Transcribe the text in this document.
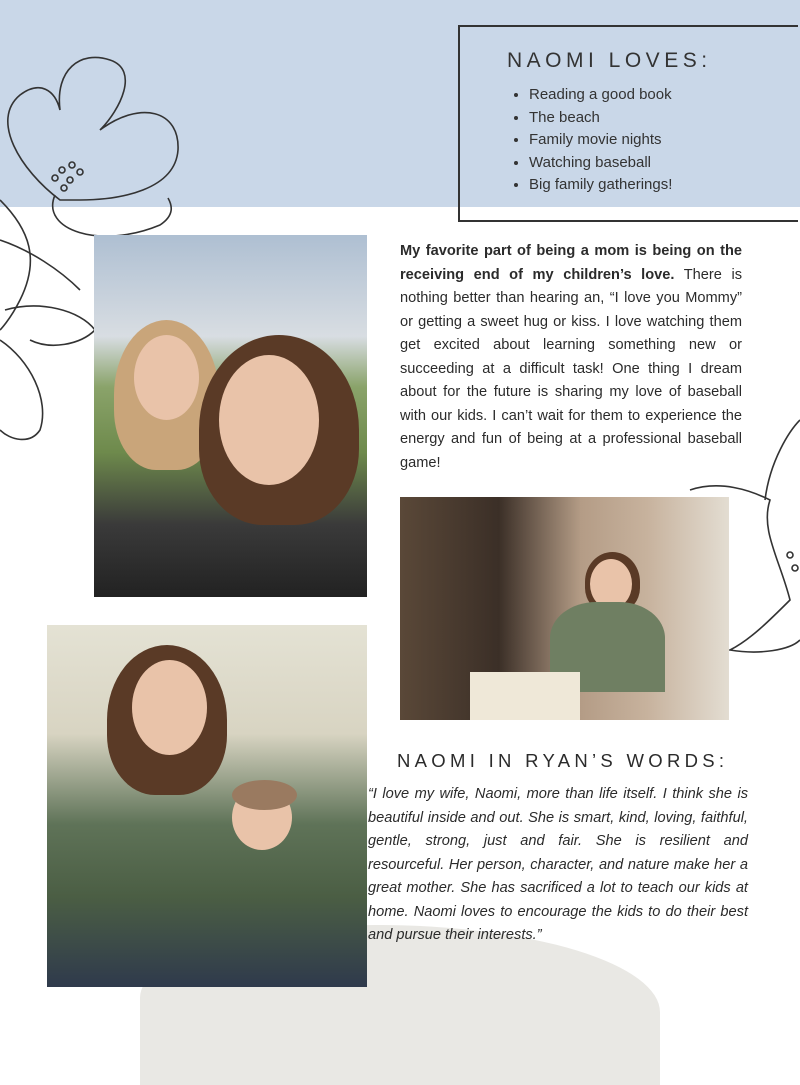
NAOMI LOVES:
• Reading a good book
• The beach
• Family movie nights
• Watching baseball
• Big family gatherings!

My favorite part of being a mom is being on the receiving end of my children’s love. There is nothing better than hearing an, “I love you Mommy” or getting a sweet hug or kiss. I love watching them get excited about learning something new or succeeding at a difficult task! One thing I dream about for the future is sharing my love of baseball with our kids. I can’t wait for them to experience the energy and fun of being at a professional baseball game!

NAOMI IN RYAN’S WORDS:

“I love my wife, Naomi, more than life itself. I think she is beautiful inside and out. She is smart, kind, loving, faithful, gentle, strong, just and fair. She is resilient and resourceful. Her person, character, and nature make her a great mother. She has sacrificed a lot to teach our kids at home. Naomi loves to encourage the kids to do their best and pursue their interests.”
